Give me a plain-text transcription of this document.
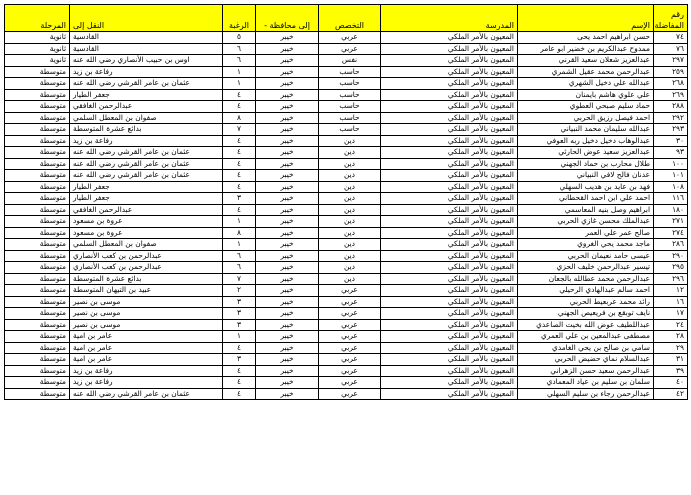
رقم المفاضلة	الإسم	المدرسة	التخصص	إلى محافظة -	الرغبة	النقل إلى	المرحلة
٧٤	حسن ابراهيم احمد يحى	المعيون بالأمر الملكي	عربي	خيبر	٥	القادسية	ثانوية
٧٦	ممدوح عبدالكريم بن خضير ابو عامر	المعيون بالأمر الملكي	عربي	خيبر	٦	القادسية	ثانوية
٢٩٧	عبدالعزيز شعلان سعيد القرني	المعيون بالأمر الملكي	نفس	خيبر	٦	اوس بن حبيب الأنصاري رضي الله عنه	ثانوية
٢٥٩	عبدالرحمن محمد عقيل الشمري	المعيون بالأمر الملكي	حاسب	خيبر	١	رفاعة بن زيد	متوسطة
٢٦٨	عبدالله علي دخيل الشهري	المعيون بالأمر الملكي	حاسب	خيبر	١	عثمان بن عامر القرشي رضي الله عنه	متوسطة
٢٦٩	علي علوي هاشم بايمنان	المعيون بالأمر الملكي	حاسب	خيبر	٤	جعفر الطيار	متوسطة
٢٨٨	حماد سليم صبحي العطوي	المعيون بالأمر الملكي	حاسب	خيبر	٤	عبدالرحمن الغافقي	متوسطة
٢٩٢	احمد فيصل رزيق الحربي	المعيون بالأمر الملكي	حاسب	خيبر	٨	صفوان بن المعطل السلمي	متوسطة
٢٩٣	عبدالله سليمان محمد النبياني	المعيون بالأمر الملكي	حاسب	خيبر	٧	بدائع عشرة المتوسطة	متوسطة
٣٠	عبدالوهاب دخيل دخيل ربه العوفي	المعيون بالأمر الملكي	دين	خيبر	٤	رفاعة بن زيد	متوسطة
٩٣	عبدالعزيز سعيد عوض الحارثي	المعيون بالأمر الملكي	دين	خيبر	٤	عثمان بن عامر القرشي رضي الله عنه	متوسطة
١٠٠	طلال محارب بن حماد الجهني	المعيون بالأمر الملكي	دين	خيبر	٤	عثمان بن عامر القرشي رضي الله عنه	متوسطة
١٠١	عدنان فالح لافي النبياني	المعيون بالأمر الملكي	دين	خيبر	٤	عثمان بن عامر القرشي رضي الله عنه	متوسطة
١٠٨	فهد بن عايد بن هديب السهلي	المعيون بالأمر الملكي	دين	خيبر	٤	جعفر الطيار	متوسطة
١١٦	احمد علي ابن احمد القحطاني	المعيون بالأمر الملكي	دين	خيبر	٣	جعفر الطيار	متوسطة
١٨٠	ابراهيم وصل بنيه المعاسمي	المعيون بالأمر الملكي	دين	خيبر	٤	عبدالرحمن الغافقي	متوسطة
٢٧١	عبدالملك محسن غازي الحربي	المعيون بالأمر الملكي	دين	خيبر	١	عروة بن مسعود	متوسطة
٢٧٤	صالح عمر علي العمر	المعيون بالأمر الملكي	دين	خيبر	٨	عروة بن مسعود	متوسطة
٢٨٦	ماجد محمد يحي الغروي	المعيون بالأمر الملكي	دين	خيبر	١	صفوان بن المعطل السلمي	متوسطة
٢٩٠	عيسى حامد نعيمان الحربي	المعيون بالأمر الملكي	دين	خيبر	٦	عبدالرحمن بن كعب الأنصاري	متوسطة
٢٩٥	تيسير عبدالرحمن خليف الحزي	المعيون بالأمر الملكي	دين	خيبر	٦	عبدالرحمن بن كعب الأنصاري	متوسطة
٢٩٦	عبدالرحمن محمد عطالله بالجعان	المعيون بالأمر الملكي	دين	خيبر	٧	بدائع عشرة المتوسطة	متوسطة
١٢	احمد سالم عبدالهادي الرحيلي	المعيون بالأمر الملكي	عربي	خيبر	٢	عبيد بن التيهان المتوسطة	متوسطة
١٦	رائد محمد عربعيط الحربي	المعيون بالأمر الملكي	عربي	خيبر	٣	موسى بن نصير	متوسطة
١٧	نايف توبقع بن فريعيص الجهني	المعيون بالأمر الملكي	عربي	خيبر	٣	موسى بن نصير	متوسطة
٢٤	عبداللطيف عوض الله بخيت الصاعدي	المعيون بالأمر الملكي	عربي	خيبر	٣	موسى بن نصير	متوسطة
٢٨	مصطفى عبدالمعين بن علي العمري	المعيون بالأمر الملكي	عربي	خيبر	١	عامر بن امية	متوسطة
٢٩	سامي بن صالح بن يحي الغامدي	المعيون بالأمر الملكي	عربي	خيبر	٤	عامر بن امية	متوسطة
٣١	عبدالسلام نماي حضيض الحربي	المعيون بالأمر الملكي	عربي	خيبر	٣	عامر بن امية	متوسطة
٣٩	عبدالرحمن سعيد حسن الزهراني	المعيون بالأمر الملكي	عربي	خيبر	٤	رفاعة بن زيد	متوسطة
٤٠	سلمان بن سليم بن عياد المعمادي	المعيون بالأمر الملكي	عربي	خيبر	٤	رفاعة بن زيد	متوسطة
٤٢	عبدالرحمن رجاء بن سليم السهلي	المعيون بالأمر الملكي	عربي	خيبر	٤	عثمان بن عامر القرشي رضي الله عنه	متوسطة
